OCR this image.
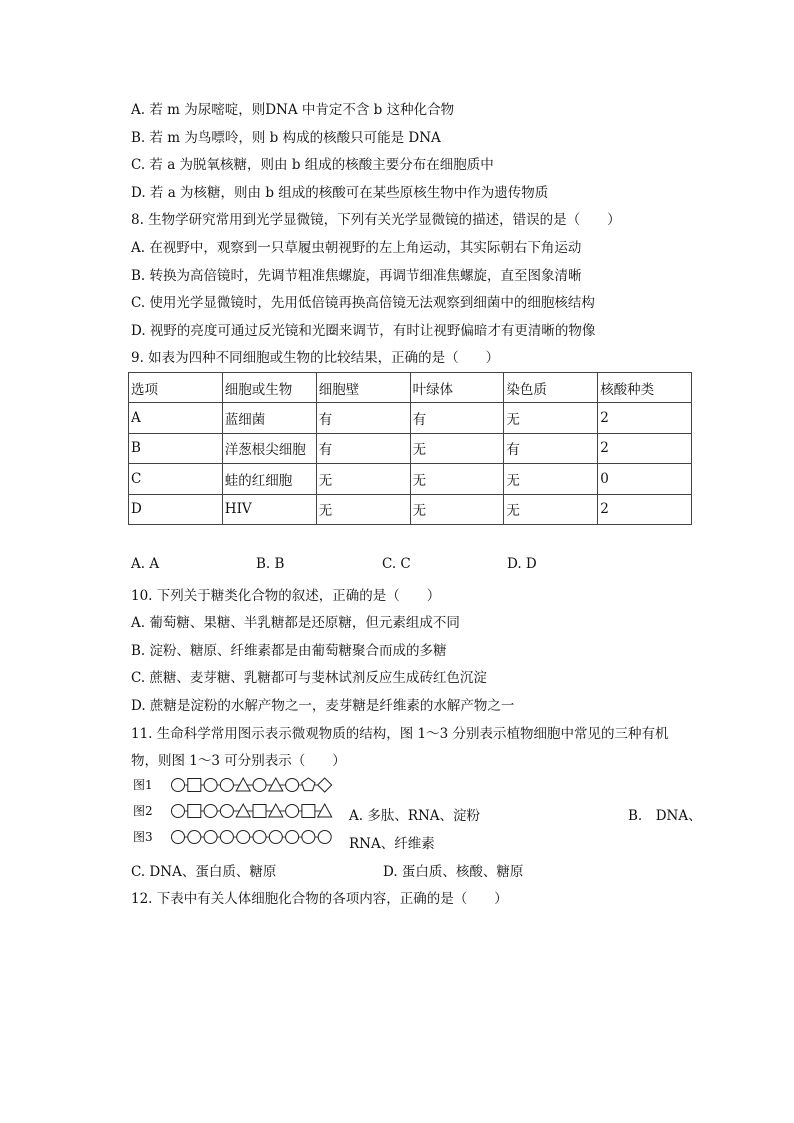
A. 若 m 为尿嘧啶，则DNA 中肯定不含 b 这种化合物
B. 若 m 为鸟嘌呤，则 b 构成的核酸只可能是 DNA
C. 若 a 为脱氧核糖，则由 b 组成的核酸主要分布在细胞质中
D. 若 a 为核糖，则由 b 组成的核酸可在某些原核生物中作为遗传物质
8. 生物学研究常用到光学显微镜，下列有关光学显微镜的描述，错误的是（　　）
A. 在视野中，观察到一只草履虫朝视野的左上角运动，其实际朝右下角运动
B. 转换为高倍镜时，先调节粗准焦螺旋，再调节细准焦螺旋，直至图象清晰
C. 使用光学显微镜时，先用低倍镜再换高倍镜无法观察到细菌中的细胞核结构
D. 视野的亮度可通过反光镜和光圈来调节，有时让视野偏暗才有更清晰的物像
9. 如表为四种不同细胞或生物的比较结果，正确的是（　　）
选项	细胞或生物	细胞壁	叶绿体	染色质	核酸种类
A	蓝细菌	有	有	无	2
B	洋葱根尖细胞	有	无	有	2
C	蛙的红细胞	无	无	无	0
D	HIV	无	无	无	2
A. A	B. B	C. C	D. D
10. 下列关于糖类化合物的叙述，正确的是（　　）
A. 葡萄糖、果糖、半乳糖都是还原糖，但元素组成不同
B. 淀粉、糖原、纤维素都是由葡萄糖聚合而成的多糖
C. 蔗糖、麦芽糖、乳糖都可与斐林试剂反应生成砖红色沉淀
D. 蔗糖是淀粉的水解产物之一，麦芽糖是纤维素的水解产物之一
11. 生命科学常用图示表示微观物质的结构，图 1～3 分别表示植物细胞中常见的三种有机
物，则图 1～3 可分别表示（　　）
图1
图2
图3
A. 多肽、RNA、淀粉	B.　DNA、
RNA、纤维素
C. DNA、蛋白质、糖原	D. 蛋白质、核酸、糖原
12. 下表中有关人体细胞化合物的各项内容，正确的是（　　）
